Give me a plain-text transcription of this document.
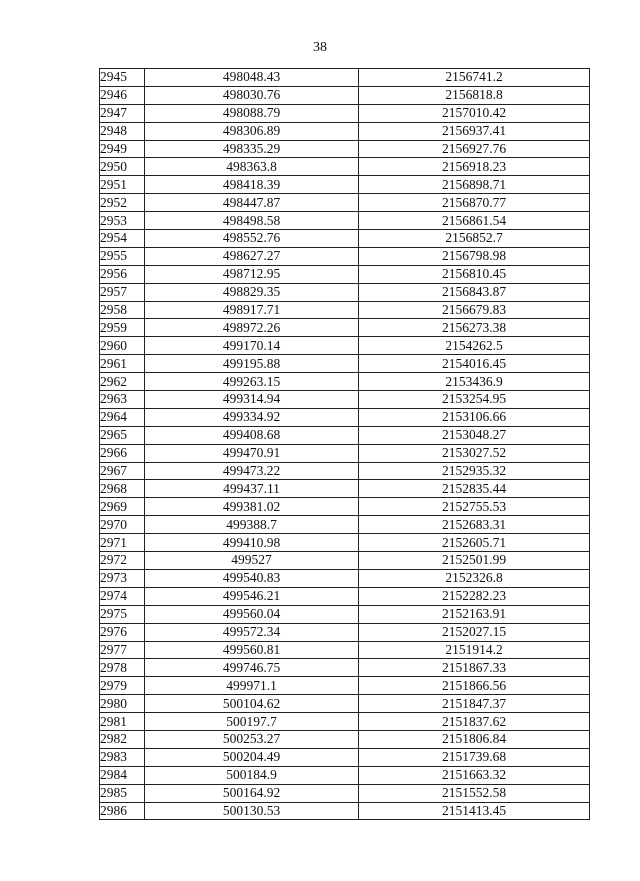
38
2945	498048.43	2156741.2
2946	498030.76	2156818.8
2947	498088.79	2157010.42
2948	498306.89	2156937.41
2949	498335.29	2156927.76
2950	498363.8	2156918.23
2951	498418.39	2156898.71
2952	498447.87	2156870.77
2953	498498.58	2156861.54
2954	498552.76	2156852.7
2955	498627.27	2156798.98
2956	498712.95	2156810.45
2957	498829.35	2156843.87
2958	498917.71	2156679.83
2959	498972.26	2156273.38
2960	499170.14	2154262.5
2961	499195.88	2154016.45
2962	499263.15	2153436.9
2963	499314.94	2153254.95
2964	499334.92	2153106.66
2965	499408.68	2153048.27
2966	499470.91	2153027.52
2967	499473.22	2152935.32
2968	499437.11	2152835.44
2969	499381.02	2152755.53
2970	499388.7	2152683.31
2971	499410.98	2152605.71
2972	499527	2152501.99
2973	499540.83	2152326.8
2974	499546.21	2152282.23
2975	499560.04	2152163.91
2976	499572.34	2152027.15
2977	499560.81	2151914.2
2978	499746.75	2151867.33
2979	499971.1	2151866.56
2980	500104.62	2151847.37
2981	500197.7	2151837.62
2982	500253.27	2151806.84
2983	500204.49	2151739.68
2984	500184.9	2151663.32
2985	500164.92	2151552.58
2986	500130.53	2151413.45
